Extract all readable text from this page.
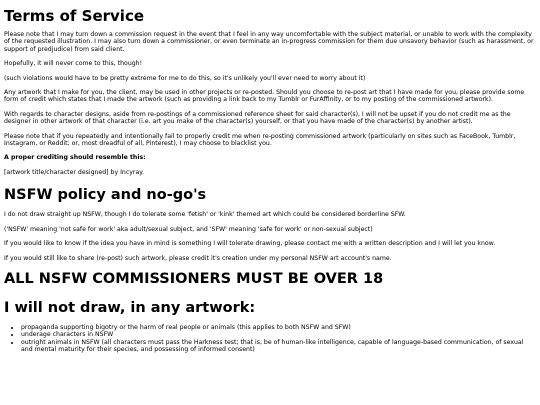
Terms of Service

Please note that I may turn down a commission request in the event that I feel in any way uncomfortable with the subject material, or unable to work with the complexity of the requested illustration. I may also turn down a commissioner, or even terminate an in-progress commission for them due unsavory behavior (such as harassment, or support of predjudice) from said client.

Hopefully, it will never come to this, though!

(such violations would have to be pretty extreme for me to do this, so it's unlikely you'll ever need to worry about it)

Any artwork that I make for you, the client, may be used in other projects or re-posted. Should you choose to re-post art that I have made for you, please provide some form of credit which states that I made the artwork (such as providing a link back to my Tumblr or FurAffinity, or to my posting of the commissioned artwork).

With regards to character designs, aside from re-postings of a commissioned reference sheet for said character(s), I will not be upset if you do not credit me as the designer in other artwork of that character (i.e. art you make of the character(s) yourself, or that you have made of the character(s) by another artist).

Please note that if you repeatedly and intentionally fail to properly credit me when re-posting commissioned artwork (particularly on sites such as FaceBook, Tumblr, Instagram, or Reddit; or, most dreadful of all, Pinterest), I may choose to blacklist you.

A proper crediting should resemble this:

[artwork title/character designed] by Incyray.

NSFW policy and no-go's

I do not draw straight up NSFW, though I do tolerate some 'fetish' or 'kink' themed art which could be considered borderline SFW.

('NSFW' meaning 'not safe for work' aka adult/sexual subject, and 'SFW' meaning 'safe for work' or non-sexual subject)

If you would like to know if the idea you have in mind is something I will tolerate drawing, please contact me with a written description and I will let you know.

If you would still like to share (re-post) such artwork, please credit it's creation under my personal NSFW art account's name.

ALL NSFW COMMISSIONERS MUST BE OVER 18
I will not draw, in any artwork:
• propaganda supporting bigotry or the harm of real people or animals (this applies to both NSFW and SFW)
• underage characters in NSFW
• outright animals in NSFW (all characters must pass the Harkness test; that is, be of human-like intelligence, capable of language-based communication, of sexual and mental maturity for their species, and possessing of informed consent)
